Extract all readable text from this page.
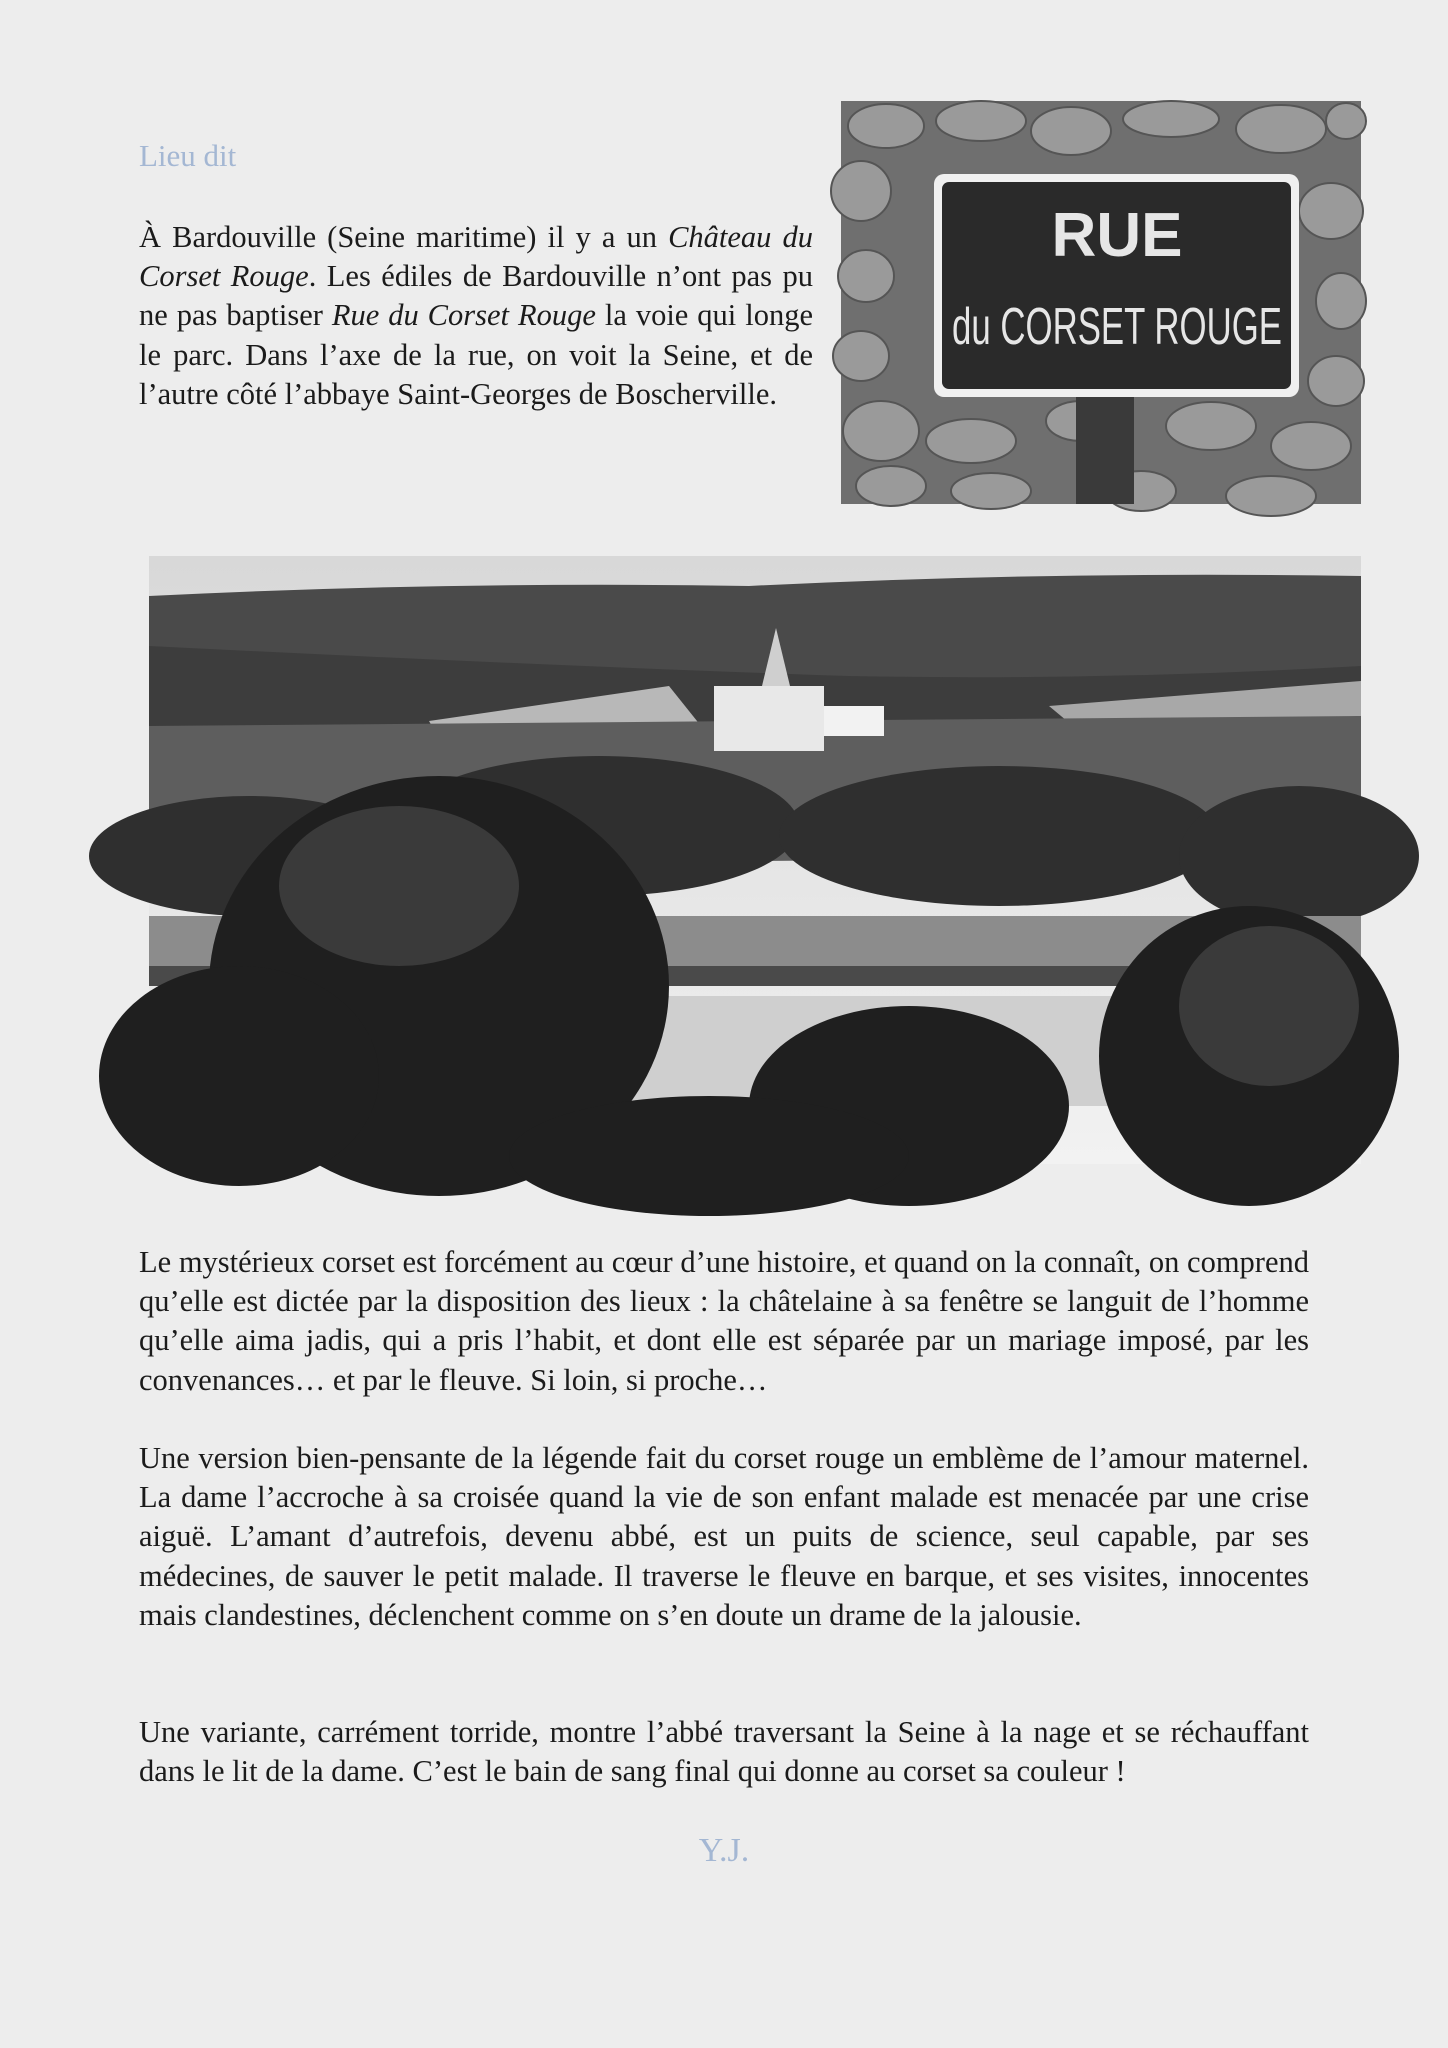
Lieu dit

À Bardouville (Seine maritime) il y a un Château du Corset Rouge. Les édiles de Bardouville n’ont pas pu ne pas baptiser Rue du Corset Rouge la voie qui longe le parc. Dans l’axe de la rue, on voit la Seine, et de l’autre côté l’abbaye Saint-Georges de Boscherville.

RUE
du CORSET ROUGE

Le mystérieux corset est forcément au cœur d’une histoire, et quand on la connaît, on comprend qu’elle est dictée par la disposition des lieux : la châtelaine à sa fenêtre se languit de l’homme qu’elle aima jadis, qui a pris l’habit, et dont elle est séparée par un mariage imposé, par les convenances… et par le fleuve. Si loin, si proche…

Une version bien-pensante de la légende fait du corset rouge un emblème de l’amour maternel. La dame l’accroche à sa croisée quand la vie de son enfant malade est menacée par une crise aiguë. L’amant d’autrefois, devenu abbé, est un puits de science, seul capable, par ses médecines, de sauver le petit malade. Il traverse le fleuve en barque, et ses visites, innocentes mais clandestines, déclenchent comme on s’en doute un drame de la jalousie.

Une variante, carrément torride, montre l’abbé traversant la Seine à la nage et se réchauffant dans le lit de la dame. C’est le bain de sang final qui donne au corset sa couleur !

Y.J.
